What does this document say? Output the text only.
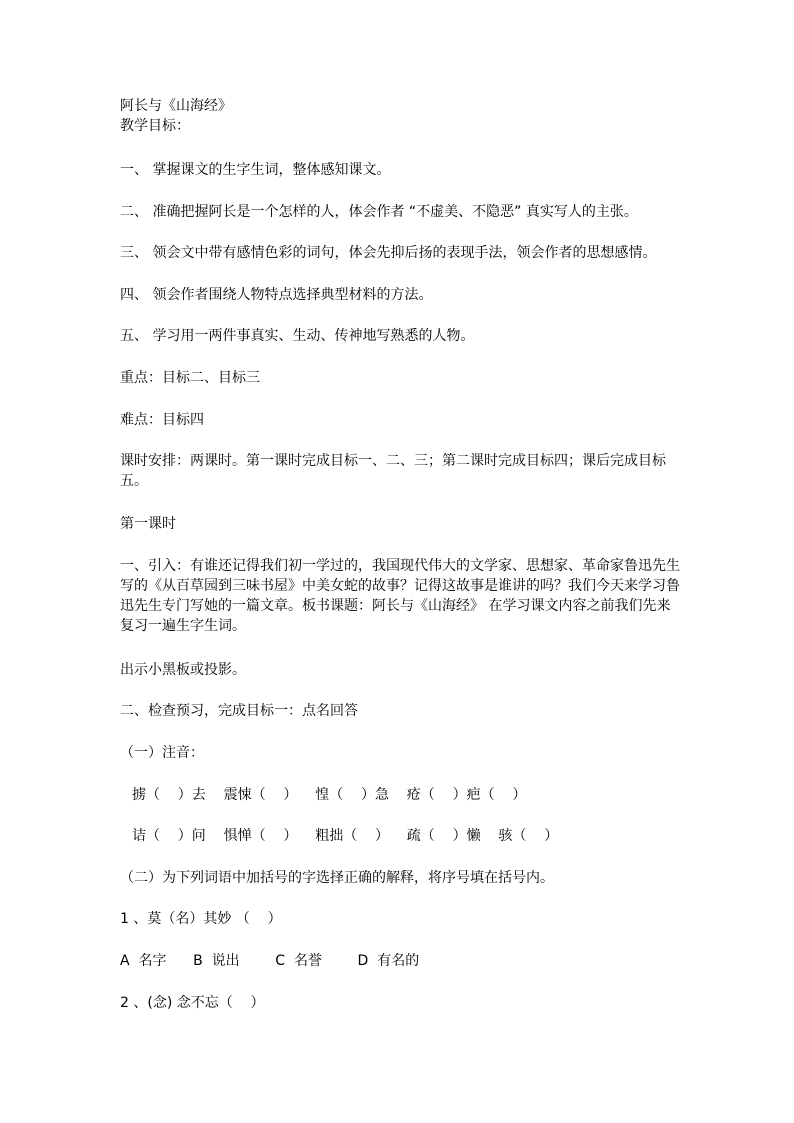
阿长与《山海经》
教学目标：
一、 掌握课文的生字生词，整体感知课文。
二、 准确把握阿长是一个怎样的人，体会作者 “不虚美、不隐恶” 真实写人的主张。
三、 领会文中带有感情色彩的词句，体会先抑后扬的表现手法，领会作者的思想感情。
四、 领会作者围绕人物特点选择典型材料的方法。
五、 学习用一两件事真实、生动、传神地写熟悉的人物。
重点：目标二、目标三
难点：目标四
课时安排：两课时。第一课时完成目标一、二、三；第二课时完成目标四；课后完成目标五。
第一课时
一、引入：有谁还记得我们初一学过的，我国现代伟大的文学家、思想家、革命家鲁迅先生写的《从百草园到三味书屋》中美女蛇的故事？记得这故事是谁讲的吗？我们今天来学习鲁迅先生专门写她的一篇文章。板书课题：阿长与《山海经》 在学习课文内容之前我们先来复习一遍生字生词。
出示小黑板或投影。
二、检查预习，完成目标一：点名回答
（一）注音：
掳（    ）去    震悚（    ）    惶（    ）急    疮（    ）疤（    ）
诘（    ）问    惧惮（    ）    粗拙（    ）    疏（    ）懒    骇（    ）
（二）为下列词语中加括号的字选择正确的解释，将序号填在括号内。
1 、莫（名）其妙 （    ）
A  名字      B  说出        C  名誉        D  有名的
2 、(念) 念不忘（    ）
